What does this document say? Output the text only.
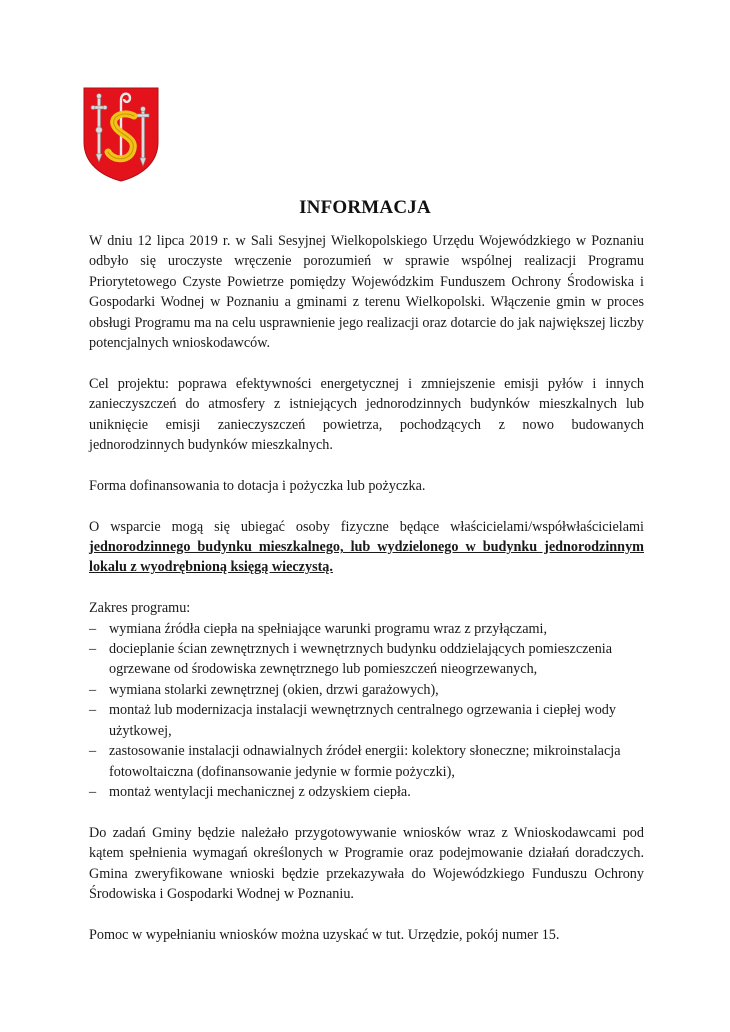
INFORMACJA

W dniu 12 lipca 2019 r. w Sali Sesyjnej Wielkopolskiego Urzędu Wojewódzkiego w Poznaniu odbyło się uroczyste wręczenie porozumień w sprawie wspólnej realizacji Programu Priorytetowego Czyste Powietrze pomiędzy Wojewódzkim Funduszem Ochrony Środowiska i Gospodarki Wodnej w Poznaniu a gminami z terenu Wielkopolski. Włączenie gmin w proces obsługi Programu ma na celu usprawnienie jego realizacji oraz dotarcie do jak największej liczby potencjalnych wnioskodawców.

Cel projektu: poprawa efektywności energetycznej i zmniejszenie emisji pyłów i innych zanieczyszczeń do atmosfery z istniejących jednorodzinnych budynków mieszkalnych lub uniknięcie emisji zanieczyszczeń powietrza, pochodzących z nowo budowanych jednorodzinnych budynków mieszkalnych.

Forma dofinansowania to dotacja i pożyczka lub pożyczka.

O wsparcie mogą się ubiegać osoby fizyczne będące właścicielami/współwłaścicielami jednorodzinnego budynku mieszkalnego, lub wydzielonego w budynku jednorodzinnym lokalu z wyodrębnioną księgą wieczystą.

Zakres programu:

– wymiana źródła ciepła na spełniające warunki programu wraz z przyłączami,
– docieplanie ścian zewnętrznych i wewnętrznych budynku oddzielających pomieszczenia ogrzewane od środowiska zewnętrznego lub pomieszczeń nieogrzewanych,
– wymiana stolarki zewnętrznej (okien, drzwi garażowych),
– montaż lub modernizacja instalacji wewnętrznych centralnego ogrzewania i ciepłej wody użytkowej,
– zastosowanie instalacji odnawialnych źródeł energii: kolektory słoneczne; mikroinstalacja fotowoltaiczna (dofinansowanie jedynie w formie pożyczki),
– montaż wentylacji mechanicznej z odzyskiem ciepła.

Do zadań Gminy będzie należało przygotowywanie wniosków wraz z Wnioskodawcami pod kątem spełnienia wymagań określonych w Programie oraz podejmowanie działań doradczych. Gmina zweryfikowane wnioski będzie przekazywała do Wojewódzkiego Funduszu Ochrony Środowiska i Gospodarki Wodnej w Poznaniu.

Pomoc w wypełnianiu wniosków można uzyskać w tut. Urzędzie, pokój numer 15.
